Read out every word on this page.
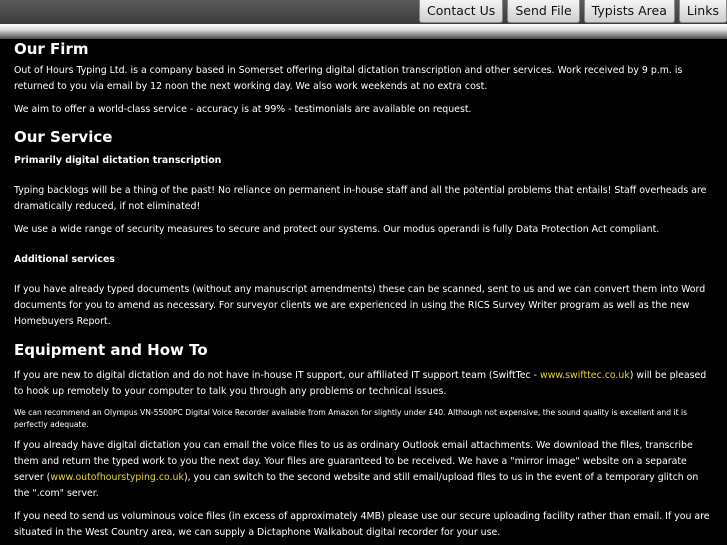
Contact Us	Send File	Typists Area	Links
Our Firm

Out of Hours Typing Ltd. is a company based in Somerset offering digital dictation transcription and other services. Work received by 9 p.m. is returned to you via email by 12 noon the next working day. We also work weekends at no extra cost.

We aim to offer a world-class service - accuracy is at 99% - testimonials are available on request.

Our Service

Primarily digital dictation transcription

Typing backlogs will be a thing of the past! No reliance on permanent in-house staff and all the potential problems that entails! Staff overheads are dramatically reduced, if not eliminated!

We use a wide range of security measures to secure and protect our systems. Our modus operandi is fully Data Protection Act compliant.

Additional services

If you have already typed documents (without any manuscript amendments) these can be scanned, sent to us and we can convert them into Word documents for you to amend as necessary. For surveyor clients we are experienced in using the RICS Survey Writer program as well as the new Homebuyers Report.

Equipment and How To

If you are new to digital dictation and do not have in-house IT support, our affiliated IT support team (SwiftTec - www.swifttec.co.uk) will be pleased to hook up remotely to your computer to talk you through any problems or technical issues.

We can recommend an Olympus VN-5500PC Digital Voice Recorder available from Amazon for slightly under £40. Although not expensive, the sound quality is excellent and it is perfectly adequate.

If you already have digital dictation you can email the voice files to us as ordinary Outlook email attachments. We download the files, transcribe them and return the typed work to you the next day. Your files are guaranteed to be received. We have a "mirror image" website on a separate server (www.outofhourstyping.co.uk), you can switch to the second website and still email/upload files to us in the event of a temporary glitch on the ".com" server.

If you need to send us voluminous voice files (in excess of approximately 4MB) please use our secure uploading facility rather than email. If you are situated in the West Country area, we can supply a Dictaphone Walkabout digital recorder for your use.
